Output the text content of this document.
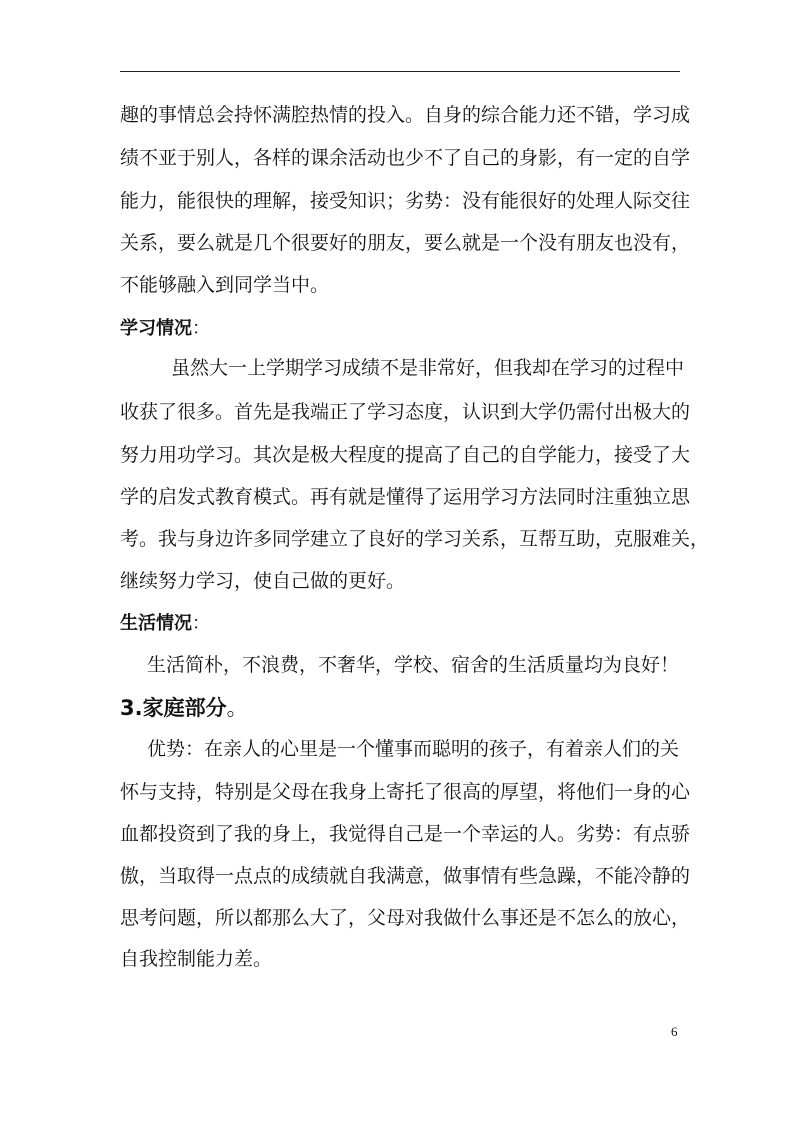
趣的事情总会持怀满腔热情的投入。自身的综合能力还不错，学习成
绩不亚于别人，各样的课余活动也少不了自己的身影，有一定的自学
能力，能很快的理解，接受知识；劣势：没有能很好的处理人际交往
关系，要么就是几个很要好的朋友，要么就是一个没有朋友也没有，
不能够融入到同学当中。
学习情况：
虽然大一上学期学习成绩不是非常好，但我却在学习的过程中
收获了很多。首先是我端正了学习态度，认识到大学仍需付出极大的
努力用功学习。其次是极大程度的提高了自己的自学能力，接受了大
学的启发式教育模式。再有就是懂得了运用学习方法同时注重独立思
考。我与身边许多同学建立了良好的学习关系，互帮互助，克服难关，
继续努力学习，使自己做的更好。
生活情况：
生活简朴，不浪费，不奢华，学校、宿舍的生活质量均为良好！
3.家庭部分。
优势：在亲人的心里是一个懂事而聪明的孩子，有着亲人们的关
怀与支持，特别是父母在我身上寄托了很高的厚望，将他们一身的心
血都投资到了我的身上，我觉得自己是一个幸运的人。劣势：有点骄
傲，当取得一点点的成绩就自我满意，做事情有些急躁，不能冷静的
思考问题，所以都那么大了，父母对我做什么事还是不怎么的放心，
自我控制能力差。
6
